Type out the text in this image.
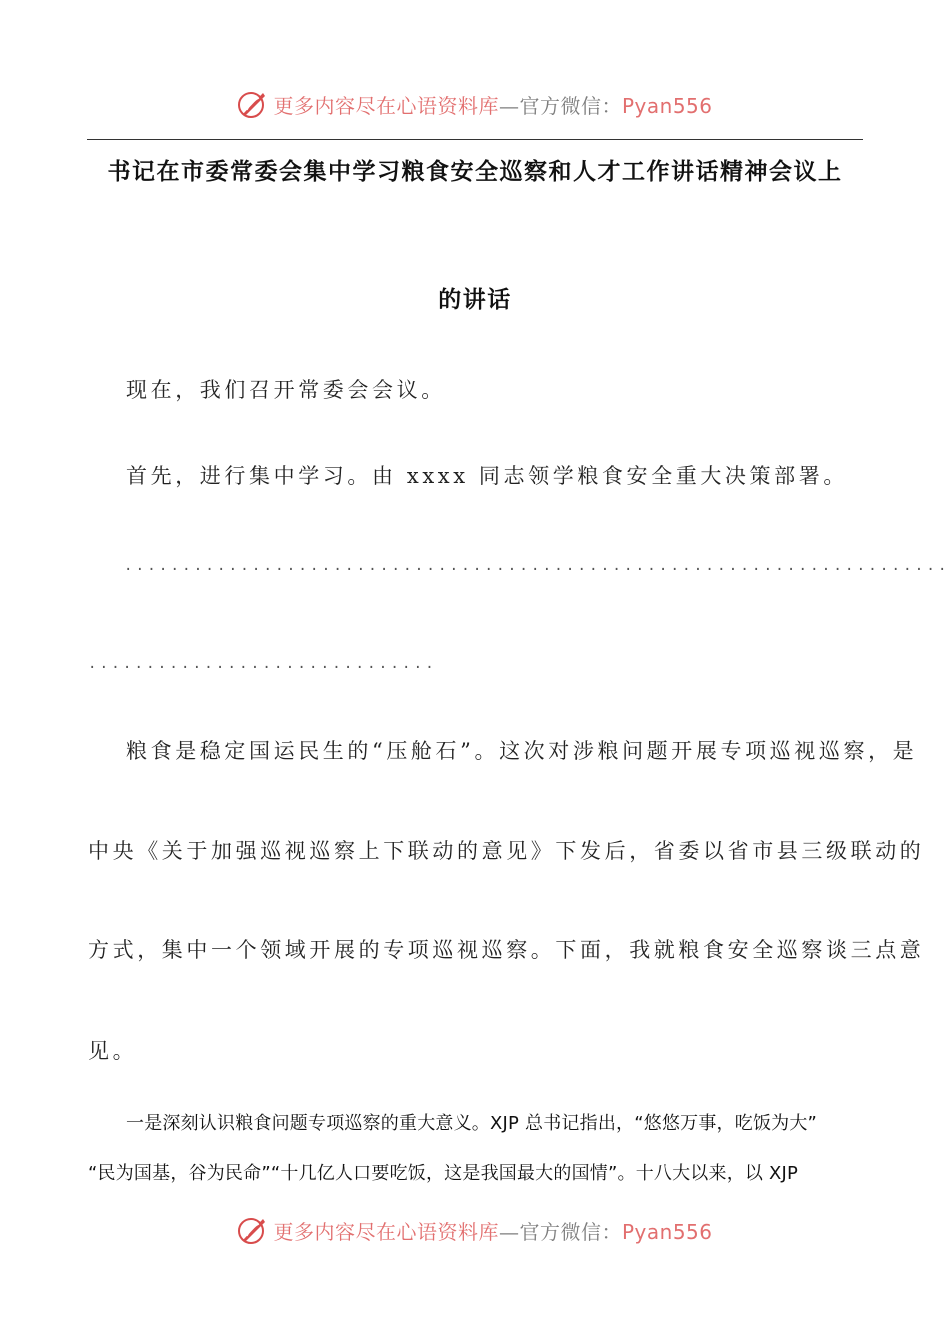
更多内容尽在心语资料库—官方微信：Pyan556
书记在市委常委会集中学习粮食安全巡察和人才工作讲话精神会议上
的讲话
现在，我们召开常委会会议。
首先，进行集中学习。由 xxxx 同志领学粮食安全重大决策部署。
.......................................................................
..............................
粮食是稳定国运民生的“压舱石”。这次对涉粮问题开展专项巡视巡察，是
中央《关于加强巡视巡察上下联动的意见》下发后，省委以省市县三级联动的
方式，集中一个领域开展的专项巡视巡察。下面，我就粮食安全巡察谈三点意
见。
一是深刻认识粮食问题专项巡察的重大意义。XJP 总书记指出，“悠悠万事，吃饭为大”
“民为国基，谷为民命”“十几亿人口要吃饭，这是我国最大的国情”。十八大以来，以 XJP
更多内容尽在心语资料库—官方微信：Pyan556
